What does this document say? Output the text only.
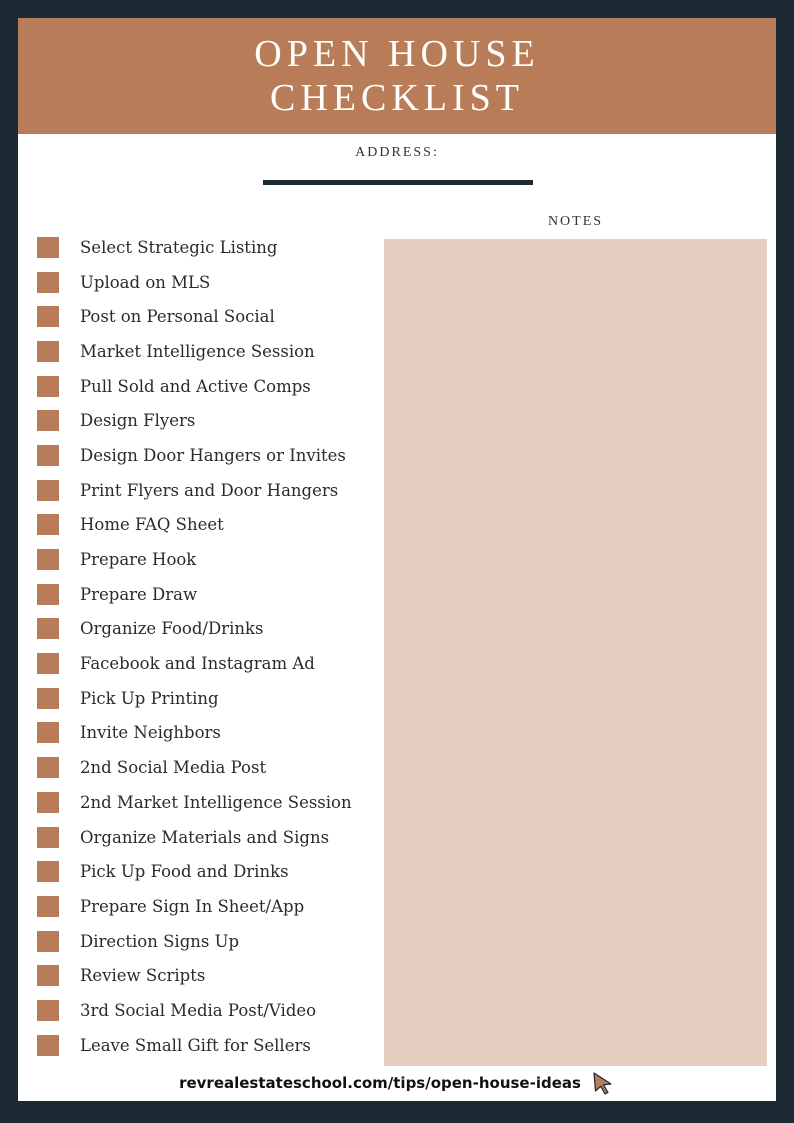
OPEN HOUSE
CHECKLIST
ADDRESS:
Select Strategic Listing
Upload on MLS
Post on Personal Social
Market Intelligence Session
Pull Sold and Active Comps
Design Flyers
Design Door Hangers or Invites
Print Flyers and Door Hangers
Home FAQ Sheet
Prepare Hook
Prepare Draw
Organize Food/Drinks
Facebook and Instagram Ad
Pick Up Printing
Invite Neighbors
2nd Social Media Post
2nd Market Intelligence Session
Organize Materials and Signs
Pick Up Food and Drinks
Prepare Sign In Sheet/App
Direction Signs Up
Review Scripts
3rd Social Media Post/Video
Leave Small Gift for Sellers
NOTES
revrealestateschool.com/tips/open-house-ideas
